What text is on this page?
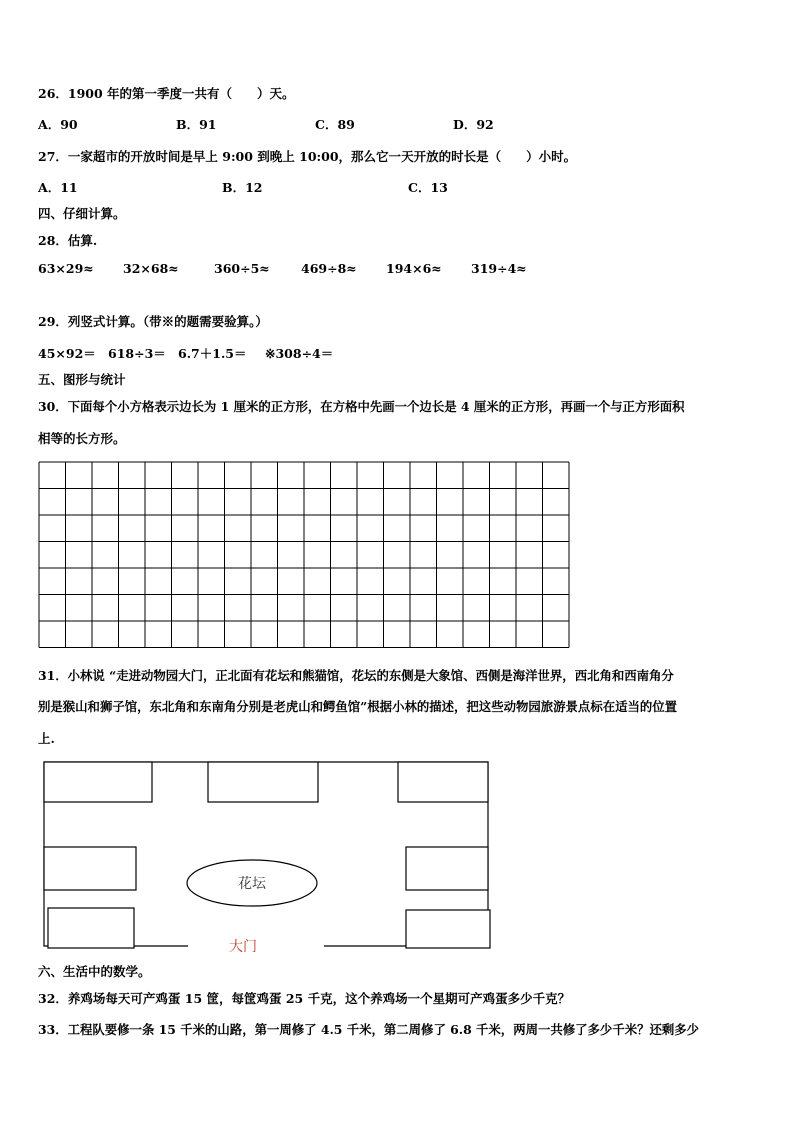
26．1900 年的第一季度一共有（　　）天。
A．90	B．91	C．89	D．92
27．一家超市的开放时间是早上 9:00 到晚上 10:00，那么它一天开放的时长是（　　）小时。
A．11	B．12	C．13
四、仔细计算。
28．估算.
63×29≈ 32×68≈	360÷5≈	469÷8≈ 194×6≈ 319÷4≈
29．列竖式计算。（带※的题需要验算。）
45×92＝ 618÷3＝ 6.7＋1.5＝ ※308÷4＝
五、图形与统计
30．下面每个小方格表示边长为 1 厘米的正方形，在方格中先画一个边长是 4 厘米的正方形，再画一个与正方形面积
相等的长方形。
31．小林说 “走进动物园大门，正北面有花坛和熊猫馆，花坛的东侧是大象馆、西侧是海洋世界，西北角和西南角分
别是猴山和狮子馆，东北角和东南角分别是老虎山和鳄鱼馆”根据小林的描述，把这些动物园旅游景点标在适当的位置
上.
花坛
大门
六、生活中的数学。
32．养鸡场每天可产鸡蛋 15 筐，每筐鸡蛋 25 千克，这个养鸡场一个星期可产鸡蛋多少千克？
33．工程队要修一条 15 千米的山路，第一周修了 4.5 千米，第二周修了 6.8 千米，两周一共修了多少千米？还剩多少
